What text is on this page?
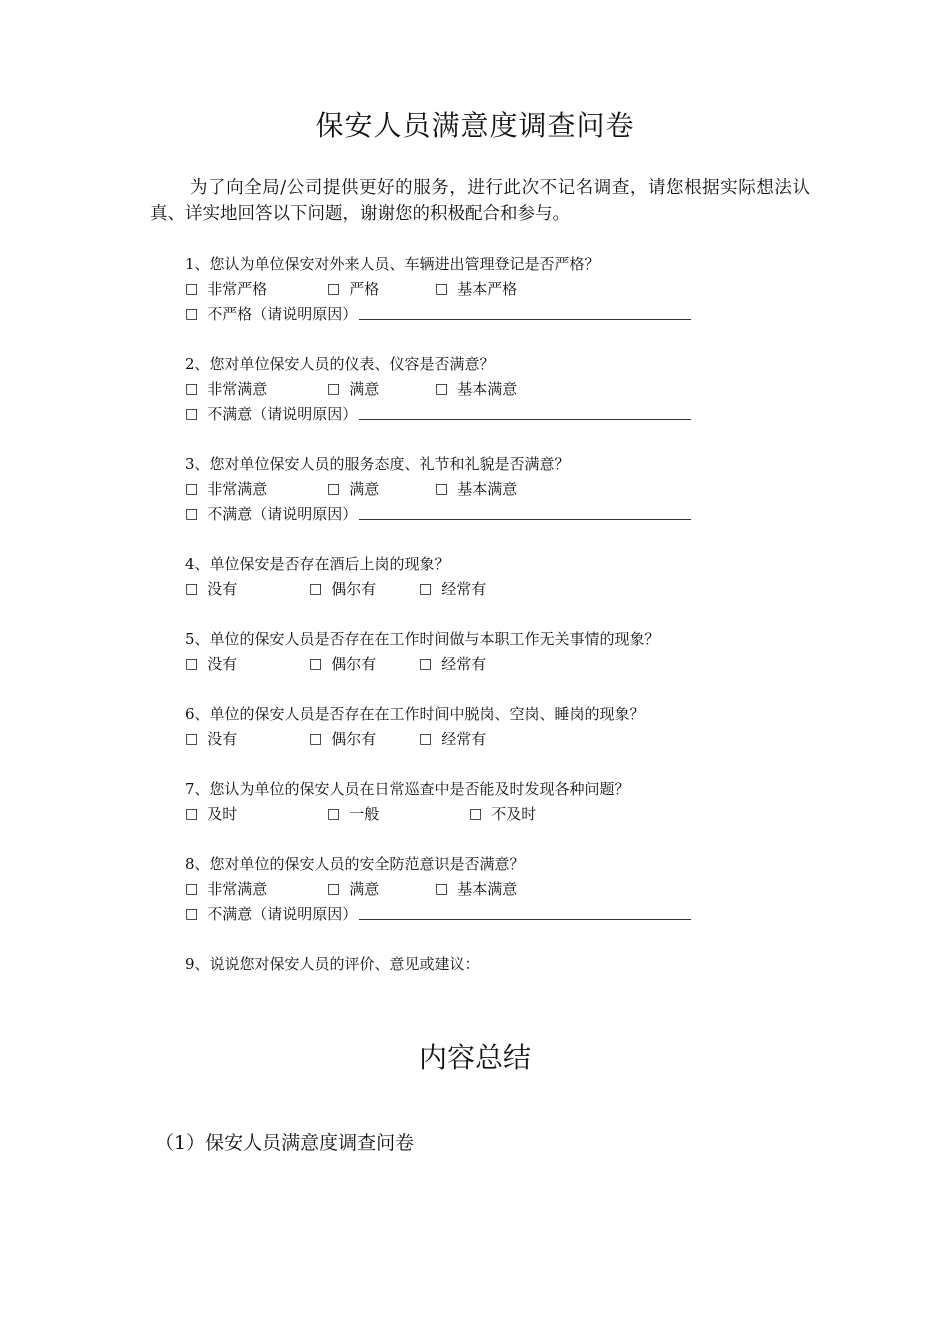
保安人员满意度调查问卷
为了向全局/公司提供更好的服务，进行此次不记名调查，请您根据实际想法认真、详实地回答以下问题，谢谢您的积极配合和参与。
1、您认为单位保安对外来人员、车辆进出管理登记是否严格？
□ 非常严格	□ 严格	□ 基本严格
□ 不严格（请说明原因）
2、您对单位保安人员的仪表、仪容是否满意？
□ 非常满意	□ 满意	□ 基本满意
□ 不满意（请说明原因）
3、您对单位保安人员的服务态度、礼节和礼貌是否满意？
□ 非常满意	□ 满意	□ 基本满意
□ 不满意（请说明原因）
4、单位保安是否存在酒后上岗的现象？
□ 没有	□ 偶尔有	□ 经常有
5、单位的保安人员是否存在在工作时间做与本职工作无关事情的现象？
□ 没有	□ 偶尔有	□ 经常有
6、单位的保安人员是否存在在工作时间中脱岗、空岗、睡岗的现象？
□ 没有	□ 偶尔有	□ 经常有
7、您认为单位的保安人员在日常巡查中是否能及时发现各种问题？
□ 及时	□ 一般	□ 不及时
8、您对单位的保安人员的安全防范意识是否满意？
□ 非常满意	□ 满意	□ 基本满意
□ 不满意（请说明原因）
9、说说您对保安人员的评价、意见或建议：
内容总结
（1）保安人员满意度调查问卷
